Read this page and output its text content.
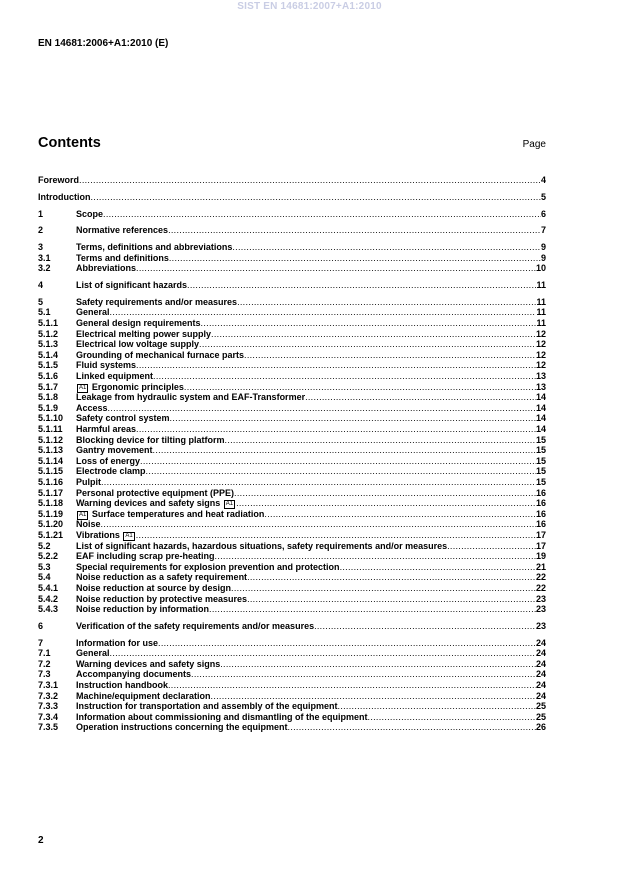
SIST EN 14681:2007+A1:2010
EN 14681:2006+A1:2010 (E)
Contents	Page
Foreword .....	4
Introduction .....	5
1	Scope .....	6
2	Normative references .....	7
3	Terms, definitions and abbreviations .....	9
3.1	Terms and definitions .....	9
3.2	Abbreviations .....	10
4	List of significant hazards .....	11
5	Safety requirements and/or measures .....	11
5.1	General .....	11
5.1.1	General design requirements .....	11
5.1.2	Electrical melting power supply .....	12
5.1.3	Electrical low voltage supply .....	12
5.1.4	Grounding of mechanical furnace parts .....	12
5.1.5	Fluid systems .....	12
5.1.6	Linked equipment .....	13
5.1.7	A1 Ergonomic principles .....	13
5.1.8	Leakage from hydraulic system and EAF-Transformer .....	14
5.1.9	Access .....	14
5.1.10	Safety control system .....	14
5.1.11	Harmful areas .....	14
5.1.12	Blocking device for tilting platform .....	15
5.1.13	Gantry movement .....	15
5.1.14	Loss of energy .....	15
5.1.15	Electrode clamp .....	15
5.1.16	Pulpit .....	15
5.1.17	Personal protective equipment (PPE) .....	16
5.1.18	Warning devices and safety signs A1 .....	16
5.1.19	A1 Surface temperatures and heat radiation .....	16
5.1.20	Noise .....	16
5.1.21	Vibrations A1 .....	17
5.2	List of significant hazards, hazardous situations, safety requirements and/or measures .....	17
5.2.2	EAF including scrap pre-heating .....	19
5.3	Special requirements for explosion prevention and protection .....	21
5.4	Noise reduction as a safety requirement .....	22
5.4.1	Noise reduction at source by design .....	22
5.4.2	Noise reduction by protective measures .....	23
5.4.3	Noise reduction by information .....	23
6	Verification of the safety requirements and/or measures .....	23
7	Information for use .....	24
7.1	General .....	24
7.2	Warning devices and safety signs .....	24
7.3	Accompanying documents .....	24
7.3.1	Instruction handbook .....	24
7.3.2	Machine/equipment declaration .....	24
7.3.3	Instruction for transportation and assembly of the equipment .....	25
7.3.4	Information about commissioning and dismantling of the equipment .....	25
7.3.5	Operation instructions concerning the equipment .....	26
2
